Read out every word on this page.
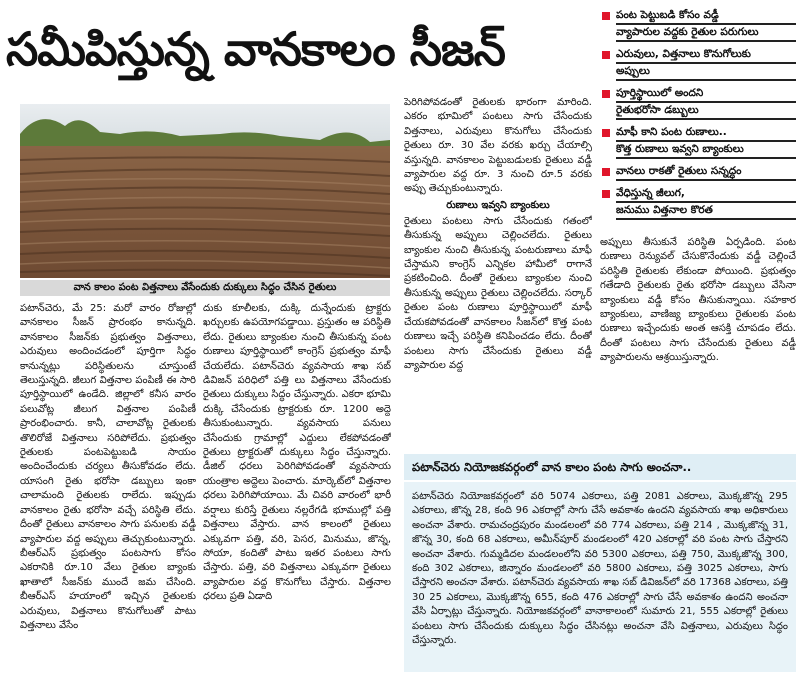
సమీపిస్తున్న వానకాలం సీజన్
వాన కాలం పంట విత్తనాలు వేసేందుకు దుక్కులు సిద్ధం చేసిన రైతులు
పటాన్‌చెరు, మే 25: మరో వారం రోజుల్లో వానకాలం సీజన్ ప్రారంభం కానున్నది. వానకాలం సీజన్‌కు ప్రభుత్వం విత్తనాలు, ఎరువులు అందించడంలో పూర్తిగా సిద్ధం కానున్నట్లు పరిస్థితులను చూస్తుంటే తెలుస్తున్నది. జీలుగ విత్తనాల పంపిణీ ఈ సారి పూర్తిస్థాయిలో ఉండేది. జిల్లాలో కనీస వారం పలువోట్ల జీలుగ విత్తనాల పంపిణీ ప్రారంభించారు. కానీ, చాలావోట్ల రైతులకు తొలిరోజే విత్తనాలు సరిపోలేదు. ప్రభుత్వం రైతులకు పంటపెట్టుబడి సాయం అందించేందుకు చర్యలు తీసుకోవడం లేదు. యాసంగి రైతు భరోసా డబ్బులు ఇంకా చాలామంది రైతులకు రాలేదు. ఇప్పుడు వానకాలం రైతు భరోసా వచ్చే పరిస్థితి లేదు. దీంతో రైతులు వానకాలం సాగు పనులకు వడ్డీ వ్యాపారుల వద్ద అప్పులు తెచ్చుకుంటున్నారు. బీఆర్ఎస్ ప్రభుత్వం పంటసాగు కోసం ఎకరానికి రూ.10 వేలు రైతుల బ్యాంకు ఖాతాలో సీజన్‌కు ముందే జమ చేసింది. బీఆర్ఎస్ హయాంలో ఇచ్చిన రైతులకు ఎరువులు, విత్తనాలు కొనుగోలుతో పాటు విత్తనాలు వేసేం
దుకు కూలీలకు, దుక్కి దున్నేందుకు ట్రాక్టరు ఖర్చులకు ఉపయోగపడ్డాయి. ప్రస్తుతం ఆ పరిస్థితి లేదు. రైతులు బ్యాంకుల నుంచి తీసుకున్న పంట రుణాలు పూర్తిస్థాయిలో కాంగ్రెస్ ప్రభుత్వం మాఫీ చేయలేదు. పటాన్‌చెరు వ్యవసాయ శాఖ సబ్ డివిజన్ పరిధిలో పత్తి లు విత్తనాలు వేసేందుకు రైతులు దుక్కులు సిద్ధం చేస్తున్నారు. ఎకరా భూమి దుక్కి చేసేందుకు ట్రాక్టరుకు రూ. 1200 అద్దె తీసుకుంటున్నారు. వ్యవసాయ పనులు చేసేందుకు గ్రామాల్లో ఎద్దులు లేకపోవడంతో రైతులు ట్రాక్టరుతో దుక్కులు సిద్ధం చేస్తున్నారు. డీజిల్ ధరలు పెరిగిపోవడంతో వ్యవసాయ యంత్రాల అద్దెలు పెంచారు. మార్కెట్‌లో విత్తనాల ధరలు పెరిగిపోయాయి. మే చివరి వారంలో భారీ వర్షాలు కురిస్తే రైతులు నల్లరేగడి భూముల్లో పత్తి విత్తనాలు వేస్తారు. వాన కాలంలో రైతులు ఎక్కువగా పత్తి, వరి, పెసర, మినుము, జొన్న, సోయా, కందితో పాటు ఇతర పంటలు సాగు చేస్తారు. పత్తి, వరి విత్తనాలు ఎక్కువగా రైతులు వ్యాపారుల వద్ద కొనుగోలు చేస్తారు. విత్తనాల ధరలు ప్రతి ఏడాది
పెరిగిపోవడంతో రైతులకు భారంగా మారింది. ఎకరం భూమిలో పంటలు సాగు చేసేందుకు విత్తనాలు, ఎరువులు కొనుగోలు చేసేందుకు రైతులు రూ. 30 వేల వరకు ఖర్చు చేయాల్సి వస్తున్నది. వానకాలం పెట్టుబడులకు రైతులు వడ్డీ వ్యాపారుల వద్ద రూ. 3 నుంచి రూ.5 వరకు అప్పు తెచ్చుకుంటున్నారు.
రుణాలు ఇవ్వని బ్యాంకులు
రైతులు పంటలు సాగు చేసేందుకు గతంలో తీసుకున్న అప్పులు చెల్లించలేదు. రైతులు బ్యాంకుల నుంచి తీసుకున్న పంటరుణాలు మాఫీ చేస్తామని కాంగ్రెస్ ఎన్నికల హామీలో రాగానే ప్రకటించింది. దీంతో రైతులు బ్యాంకుల నుంచి తీసుకున్న అప్పులు రైతులు చెల్లించలేదు. సర్కార్ రైతుల పంట రుణాలు పూర్తిస్థాయిలో మాఫీ చేయకపోవడంతో వానకాలం సీజన్‌లో కొత్త పంట రుణాలు ఇచ్చే పరిస్థితి కనిపించడం లేదు. దీంతో పంటలు సాగు చేసేందుకు రైతులు వడ్డీ వ్యాపారుల వద్ద
పంట పెట్టుబడి కోసం వడ్డీ
వ్యాపారుల వద్దకు రైతుల పరుగులు
ఎరువులు, విత్తనాలు కొనుగోలుకు
అప్పులు
పూర్తిస్థాయిలో అందని
రైతుభరోసా డబ్బులు
మాఫీ కాని పంట రుణాలు..
కొత్త రుణాలు ఇవ్వని బ్యాంకులు
వానలు రాకతో రైతులు సన్నద్ధం
వేధిస్తున్న జీలుగ,
జనుము విత్తనాల కొరత
అప్పులు తీసుకునే పరిస్థితి ఏర్పడింది. పంట రుణాలు రెన్యువల్ చేసుకొనేందుకు వడ్డీ చెల్లించే పరిస్థితి రైతులకు లేకుండా పోయింది. ప్రభుత్వం గతేడాది రైతులకు రైతు భరోసా డబ్బులు వేసినా బ్యాంకులు వడ్డీ కోసం తీసుకున్నాయి. సహకార బ్యాంకులు, వాణిజ్య బ్యాంకులు రైతులకు పంట రుణాలు ఇచ్చేందుకు అంత ఆసక్తి చూపడం లేదు. దీంతో పంటలు సాగు చేసేందుకు రైతులు వడ్డీ వ్యాపారులను ఆశ్రయిస్తున్నారు.
పటాన్‌చెరు నియోజకవర్గంలో వాన కాలం పంట సాగు అంచనా..
పటాన్‌చెరు నియోజకవర్గంలో వరి 5074 ఎకరాలు, పత్తి 2081 ఎకరాలు, మొక్కజొన్న 295 ఎకరాలు, జొన్న 28, కంది 96 ఎకరాల్లో సాగు చేసే అవకాశం ఉందని వ్యవసాయ శాఖ అధికారులు అంచనా వేశారు. రామచంద్రపురం మండలంలో వరి 774 ఎకరాలు, పత్తి 214 , మొక్కజొన్న 31, జొన్న 30, కంది 68 ఎకరాలు, అమీన్‌పూర్ మండలంలో 420 ఎకరాల్లో వరి పంట సాగు చేస్తారని అంచనా వేశారు. గుమ్మడిదల మండలంలోని వరి 5300 ఎకరాలు, పత్తి 750, మొక్కజొన్న 300, కంది 302 ఎకరాలు, జిన్నారం మండలంలో వరి 5800 ఎకరాలు, పత్తి 3025 ఎకరాలు, సాగు చేస్తారని అంచనా వేశారు. పటాన్‌చెరు వ్యవసాయ శాఖ సబ్ డివిజన్‌లో వరి 17368 ఎకరాలు, పత్తి 30 25 ఎకరాలు, మొక్కజొన్న 655, కంది 476 ఎకరాల్లో సాగు చేసే అవకాశం ఉందని అంచనా వేసి ఏర్పాట్లు చేస్తున్నారు. నియోజకవర్గంలో వానాకాలంలో సుమారు 21, 555 ఎకరాల్లో రైతులు పంటలు సాగు చేసేందుకు దుక్కులు సిద్ధం చేసినట్లు అంచనా వేసి విత్తనాలు, ఎరువులు సిద్ధం చేస్తున్నారు.
